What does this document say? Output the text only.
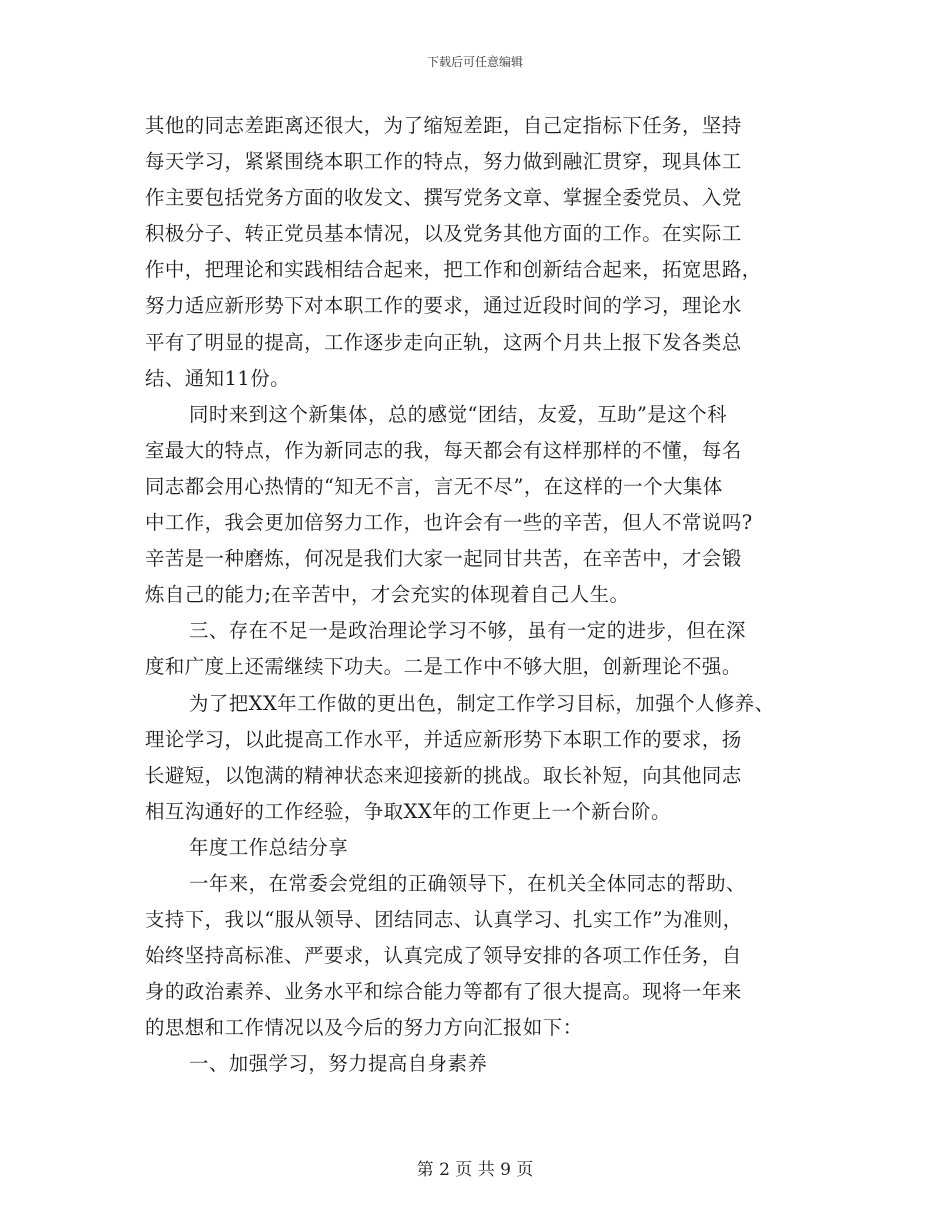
下载后可任意编辑
其他的同志差距离还很大，为了缩短差距，自己定指标下任务，坚持
每天学习，紧紧围绕本职工作的特点，努力做到融汇贯穿，现具体工
作主要包括党务方面的收发文、撰写党务文章、掌握全委党员、入党
积极分子、转正党员基本情况，以及党务其他方面的工作。在实际工
作中，把理论和实践相结合起来，把工作和创新结合起来，拓宽思路，
努力适应新形势下对本职工作的要求，通过近段时间的学习，理论水
平有了明显的提高，工作逐步走向正轨，这两个月共上报下发各类总
结、通知11份。
同时来到这个新集体，总的感觉“团结，友爱，互助”是这个科
室最大的特点，作为新同志的我，每天都会有这样那样的不懂，每名
同志都会用心热情的“知无不言，言无不尽”，在这样的一个大集体
中工作，我会更加倍努力工作，也许会有一些的辛苦，但人不常说吗?
辛苦是一种磨炼，何况是我们大家一起同甘共苦，在辛苦中，才会锻
炼自己的能力;在辛苦中，才会充实的体现着自己人生。
三、存在不足一是政治理论学习不够，虽有一定的进步，但在深
度和广度上还需继续下功夫。二是工作中不够大胆，创新理论不强。
为了把XX年工作做的更出色，制定工作学习目标，加强个人修养、
理论学习，以此提高工作水平，并适应新形势下本职工作的要求，扬
长避短，以饱满的精神状态来迎接新的挑战。取长补短，向其他同志
相互沟通好的工作经验，争取XX年的工作更上一个新台阶。
年度工作总结分享
一年来，在常委会党组的正确领导下，在机关全体同志的帮助、
支持下，我以“服从领导、团结同志、认真学习、扎实工作”为准则，
始终坚持高标准、严要求，认真完成了领导安排的各项工作任务，自
身的政治素养、业务水平和综合能力等都有了很大提高。现将一年来
的思想和工作情况以及今后的努力方向汇报如下：
一、加强学习，努力提高自身素养
第 2 页 共 9 页
